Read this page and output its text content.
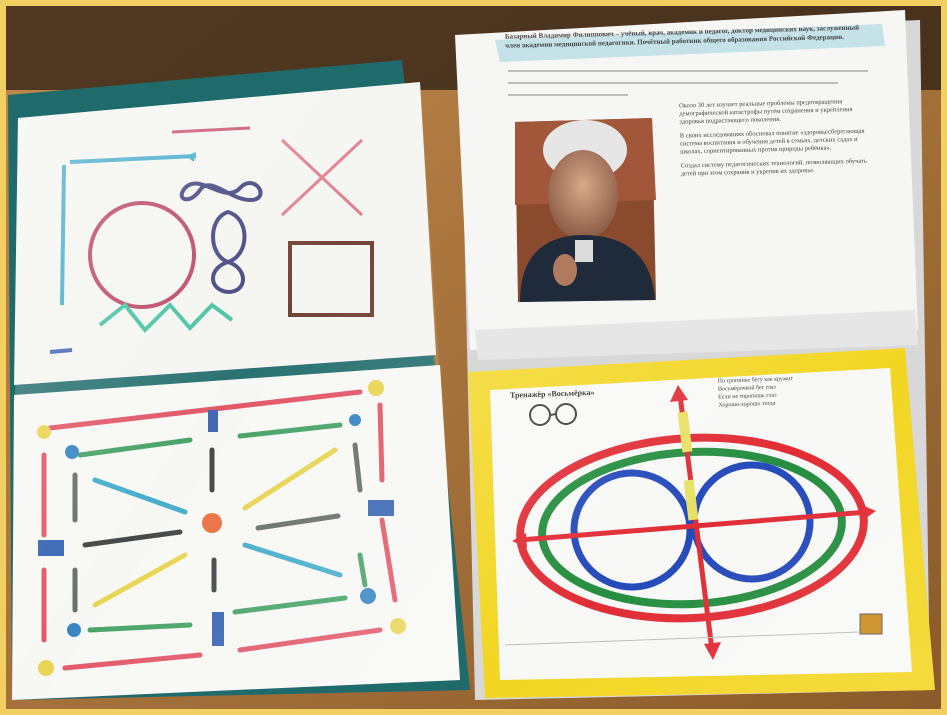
Базарный Владимир Филиппович – учёный, врач, академик и педагог, доктор медицинских наук, заслуженный член академии медицинской педагогики. Почётный работник общего образования Российской Федерации.
Около 30 лет изучает реальные проблемы предотвращения демографической катастрофы путём сохранения и укрепления здоровья подрастающего поколения.
В своих исследованиях обосновал понятие «здоровьесберегающая система воспитания и обучения детей в семьях, детских садах и школах, сориентированных против природы ребёнка».
Создал систему педагогических технологий, позволяющих обучать детей при этом сохранив и укрепив их здоровье.
Тренажёр «Восьмёрка»
По тропинке бегу как кружит
Восьмёрочкой бег глаз
Если не торопишь глаз
Хорошо-хорошо тогда
